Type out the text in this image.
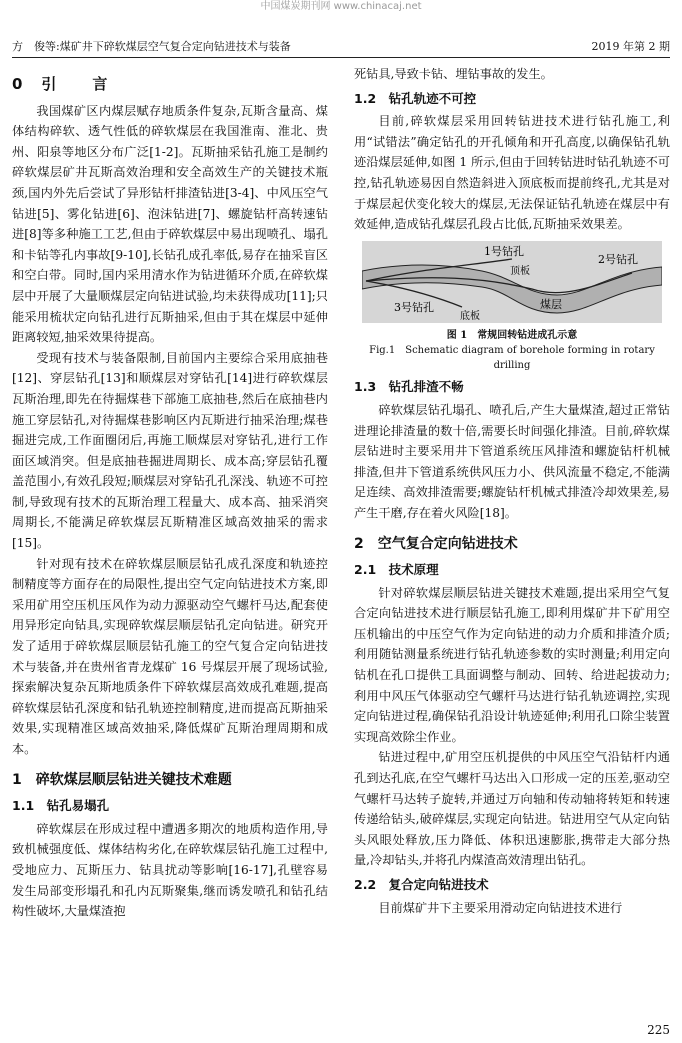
中国煤炭期刊网 www.chinacaj.net
方　俊等:煤矿井下碎软煤层空气复合定向钻进技术与装备	2019 年第 2 期
0　引　　言

我国煤矿区内煤层赋存地质条件复杂,瓦斯含量高、煤体结构碎软、透气性低的碎软煤层在我国淮南、淮北、贵州、阳泉等地区分布广泛[1-2]。瓦斯抽采钻孔施工是制约碎软煤层矿井瓦斯高效治理和安全高效生产的关键技术瓶颈,国内外先后尝试了异形钻杆排渣钻进[3-4]、中风压空气钻进[5]、雾化钻进[6]、泡沫钻进[7]、螺旋钻杆高转速钻进[8]等多种施工工艺,但由于碎软煤层中易出现喷孔、塌孔和卡钻等孔内事故[9-10],长钻孔成孔率低,易存在抽采盲区和空白带。同时,国内采用清水作为钻进循环介质,在碎软煤层中开展了大量顺煤层定向钻进试验,均未获得成功[11];只能采用梳状定向钻孔进行瓦斯抽采,但由于其在煤层中延伸距离较短,抽采效果待提高。

受现有技术与装备限制,目前国内主要综合采用底抽巷[12]、穿层钻孔[13]和顺煤层对穿钻孔[14]进行碎软煤层瓦斯治理,即先在待掘煤巷下部施工底抽巷,然后在底抽巷内施工穿层钻孔,对待掘煤巷影响区内瓦斯进行抽采治理;煤巷掘进完成,工作面圈闭后,再施工顺煤层对穿钻孔,进行工作面区域消突。但是底抽巷掘进周期长、成本高;穿层钻孔覆盖范围小,有效孔段短;顺煤层对穿钻孔孔深浅、轨迹不可控制,导致现有技术的瓦斯治理工程量大、成本高、抽采消突周期长,不能满足碎软煤层瓦斯精准区域高效抽采的需求[15]。

针对现有技术在碎软煤层顺层钻孔成孔深度和轨迹控制精度等方面存在的局限性,提出空气定向钻进技术方案,即采用矿用空压机压风作为动力源驱动空气螺杆马达,配套使用异形定向钻具,实现碎软煤层顺层钻孔定向钻进。研究开发了适用于碎软煤层顺层钻孔施工的空气复合定向钻进技术与装备,并在贵州省青龙煤矿 16 号煤层开展了现场试验,探索解决复杂瓦斯地质条件下碎软煤层高效成孔难题,提高碎软煤层钻孔深度和钻孔轨迹控制精度,进而提高瓦斯抽采效果,实现精准区域高效抽采,降低煤矿瓦斯治理周期和成本。

1　碎软煤层顺层钻进关键技术难题
1.1　钻孔易塌孔

碎软煤层在形成过程中遭遇多期次的地质构造作用,导致机械强度低、煤体结构劣化,在碎软煤层钻孔施工过程中,受地应力、瓦斯压力、钻具扰动等影响[16-17],孔壁容易发生局部变形塌孔和孔内瓦斯聚集,继而诱发喷孔和钻孔结构性破坏,大量煤渣抱

死钻具,导致卡钻、埋钻事故的发生。

1.2　钻孔轨迹不可控

目前,碎软煤层采用回转钻进技术进行钻孔施工,利用“试错法”确定钻孔的开孔倾角和开孔高度,以确保钻孔轨迹沿煤层延伸,如图 1 所示,但由于回转钻进时钻孔轨迹不可控,钻孔轨迹易因自然造斜进入顶底板而提前终孔,尤其是对于煤层起伏变化较大的煤层,无法保证钻孔轨迹在煤层中有效延伸,造成钻孔煤层孔段占比低,瓦斯抽采效果差。

1号钻孔
顶板
2号钻孔
3号钻孔
底板
煤层
图 1　常规回转钻进成孔示意
Fig.1　Schematic diagram of borehole forming in rotary drilling
1.3　钻孔排渣不畅

碎软煤层钻孔塌孔、喷孔后,产生大量煤渣,超过正常钻进理论排渣量的数十倍,需要长时间强化排渣。目前,碎软煤层钻进时主要采用井下管道系统压风排渣和螺旋钻杆机械排渣,但井下管道系统供风压力小、供风流量不稳定,不能满足连续、高效排渣需要;螺旋钻杆机械式排渣冷却效果差,易产生干磨,存在着火风险[18]。

2　空气复合定向钻进技术
2.1　技术原理

针对碎软煤层顺层钻进关键技术难题,提出采用空气复合定向钻进技术进行顺层钻孔施工,即利用煤矿井下矿用空压机输出的中压空气作为定向钻进的动力介质和排渣介质;利用随钻测量系统进行钻孔轨迹参数的实时测量;利用定向钻机在孔口提供工具面调整与制动、回转、给进起拔动力;利用中风压气体驱动空气螺杆马达进行钻孔轨迹调控,实现定向钻进过程,确保钻孔沿设计轨迹延伸;利用孔口除尘装置实现高效除尘作业。

钻进过程中,矿用空压机提供的中风压空气沿钻杆内通孔到达孔底,在空气螺杆马达出入口形成一定的压差,驱动空气螺杆马达转子旋转,并通过万向轴和传动轴将转矩和转速传递给钻头,破碎煤层,实现定向钻进。钻进用空气从定向钻头风眼处释放,压力降低、体积迅速膨胀,携带走大部分热量,冷却钻头,并将孔内煤渣高效清理出钻孔。

2.2　复合定向钻进技术

目前煤矿井下主要采用滑动定向钻进技术进行

225
